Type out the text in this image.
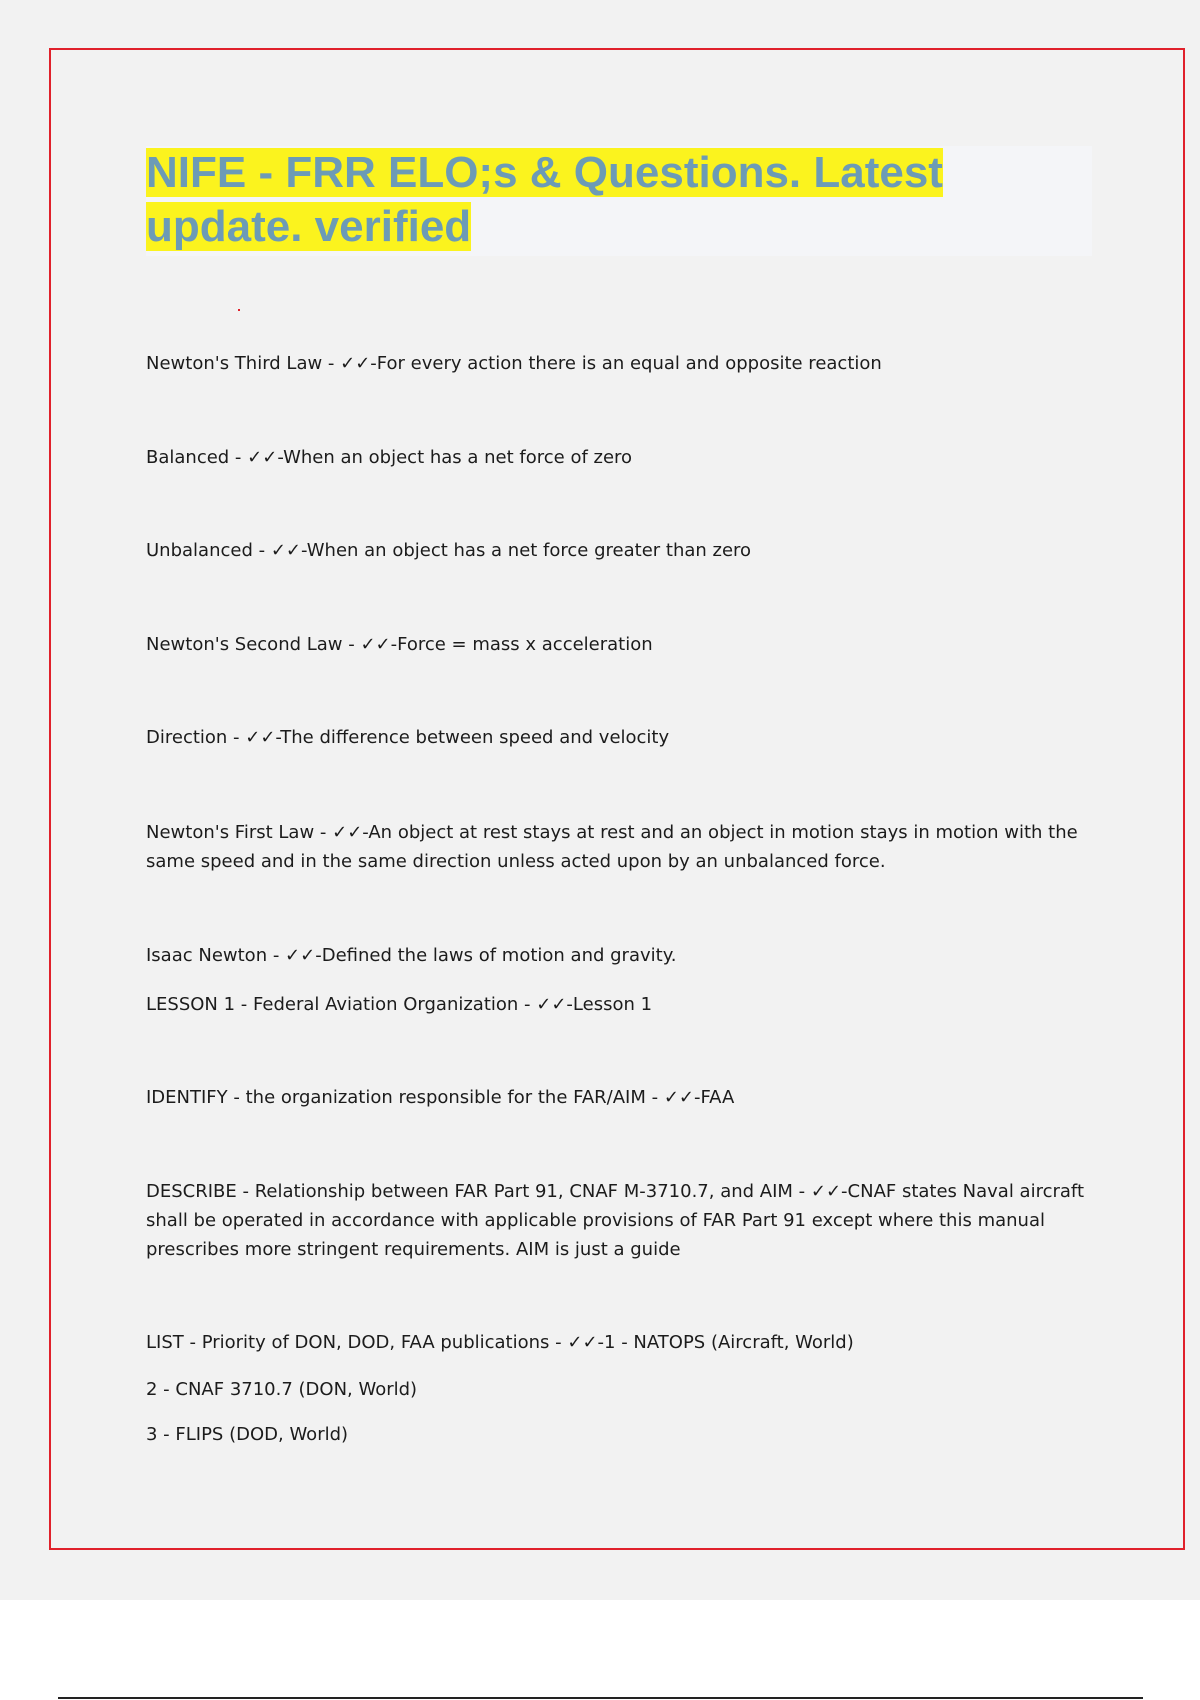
NIFE - FRR ELO;s & Questions. Latest update. verified

Newton's Third Law - ✓✓-For every action there is an equal and opposite reaction

Balanced - ✓✓-When an object has a net force of zero

Unbalanced - ✓✓-When an object has a net force greater than zero

Newton's Second Law - ✓✓-Force = mass x acceleration

Direction - ✓✓-The difference between speed and velocity

Newton's First Law - ✓✓-An object at rest stays at rest and an object in motion stays in motion with the same speed and in the same direction unless acted upon by an unbalanced force.

Isaac Newton - ✓✓-Defined the laws of motion and gravity.

LESSON 1 - Federal Aviation Organization - ✓✓-Lesson 1

IDENTIFY - the organization responsible for the FAR/AIM - ✓✓-FAA

DESCRIBE - Relationship between FAR Part 91, CNAF M-3710.7, and AIM - ✓✓-CNAF states Naval aircraft shall be operated in accordance with applicable provisions of FAR Part 91 except where this manual prescribes more stringent requirements. AIM is just a guide

LIST - Priority of DON, DOD, FAA publications - ✓✓-1 - NATOPS (Aircraft, World)

2 - CNAF 3710.7 (DON, World)

3 - FLIPS (DOD, World)
